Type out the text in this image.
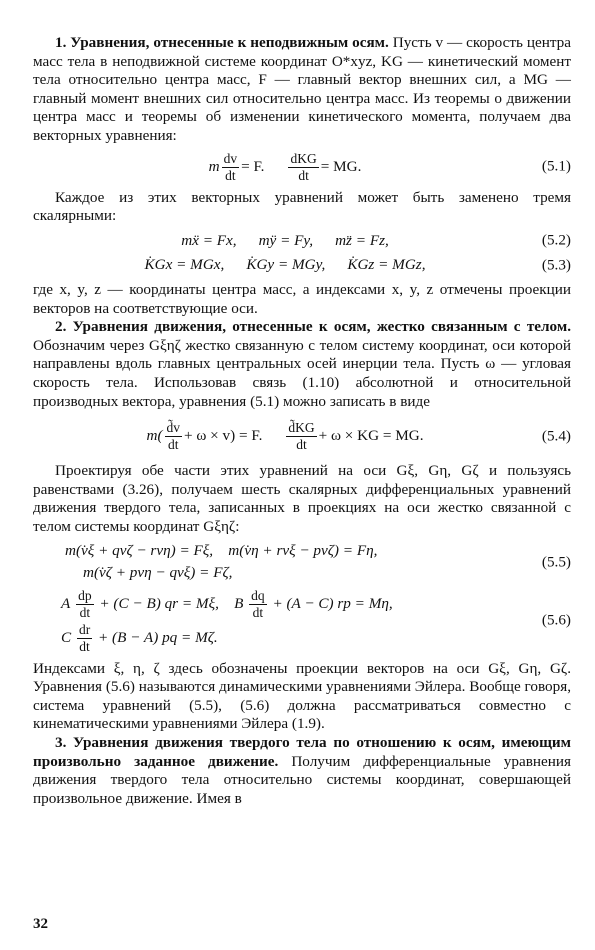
1. Уравнения, отнесенные к неподвижным осям. Пусть v — скорость центра масс тела в неподвижной системе координат O*xyz, KG — кинетический момент тела относительно центра масс, F — главный вектор внешних сил, а MG — главный момент внешних сил относительно центра масс. Из теоремы о движении центра масс и теоремы об изменении кинетического момента, получаем два векторных уравнения:

m $\frac{dv}{dt} = F$. $\frac{\text{dKG}}{dt}$ = MG.	(5.1)

Каждое из этих векторных уравнений может быть заменено тремя скалярными:

mẍ = Fx, mÿ = Fy, mz̈ = Fz,	(5.2)
K̇Gx = MGx, K̇Gy = MGy, K̇Gz = MGz,	(5.3)

где x, y, z — координаты центра масс, а индексами x, y, z отмечены проекции векторов на соответствующие оси.

2. Уравнения движения, отнесенные к осям, жестко связанным с телом. Обозначим через Gξηζ жестко связанную с телом систему координат, оси которой направлены вдоль главных центральных осей инерции тела. Пусть ω — угловая скорость тела. Использовав связь (1.10) абсолютной и относительной производных вектора, уравнения (5.1) можно записать в виде

$m( \frac{d̃v}{dt} + \omega \times v) = F$. $\frac{d̃KG}{dt} + \omega$ × KG = MG.	(5.4)

Проектируя обе части этих уравнений на оси Gξ, Gη, Gζ и пользуясь равенствами (3.26), получаем шесть скалярных дифференциальных уравнений движения твердого тела, записанных в проекциях на оси жестко связанной с телом системы координат Gξηζ:

m(v̇ξ + qvζ − rvη) = Fξ, m(v̇η + rvξ − pvζ) = Fη,
m(v̇ζ + pvη − qvξ) = Fζ,
(5.5)
A $\frac{dp}{dt} + (C - B)$ qr = Mξ, B $\frac{dq}{dt} + (A - C)$ rp = Mη,
C $\frac{dr}{dt} + (B - A)$ pq = Mζ.
(5.6)

Индексами ξ, η, ζ здесь обозначены проекции векторов на оси Gξ, Gη, Gζ. Уравнения (5.6) называются динамическими уравнениями Эйлера. Вообще говоря, система уравнений (5.5), (5.6) должна рассматриваться совместно с кинематическими уравнениями Эйлера (1.9).

3. Уравнения движения твердого тела по отношению к осям, имеющим произвольно заданное движение. Получим дифференциальные уравнения движения твердого тела относительно системы координат, совершающей произвольное движение. Имея в

32
